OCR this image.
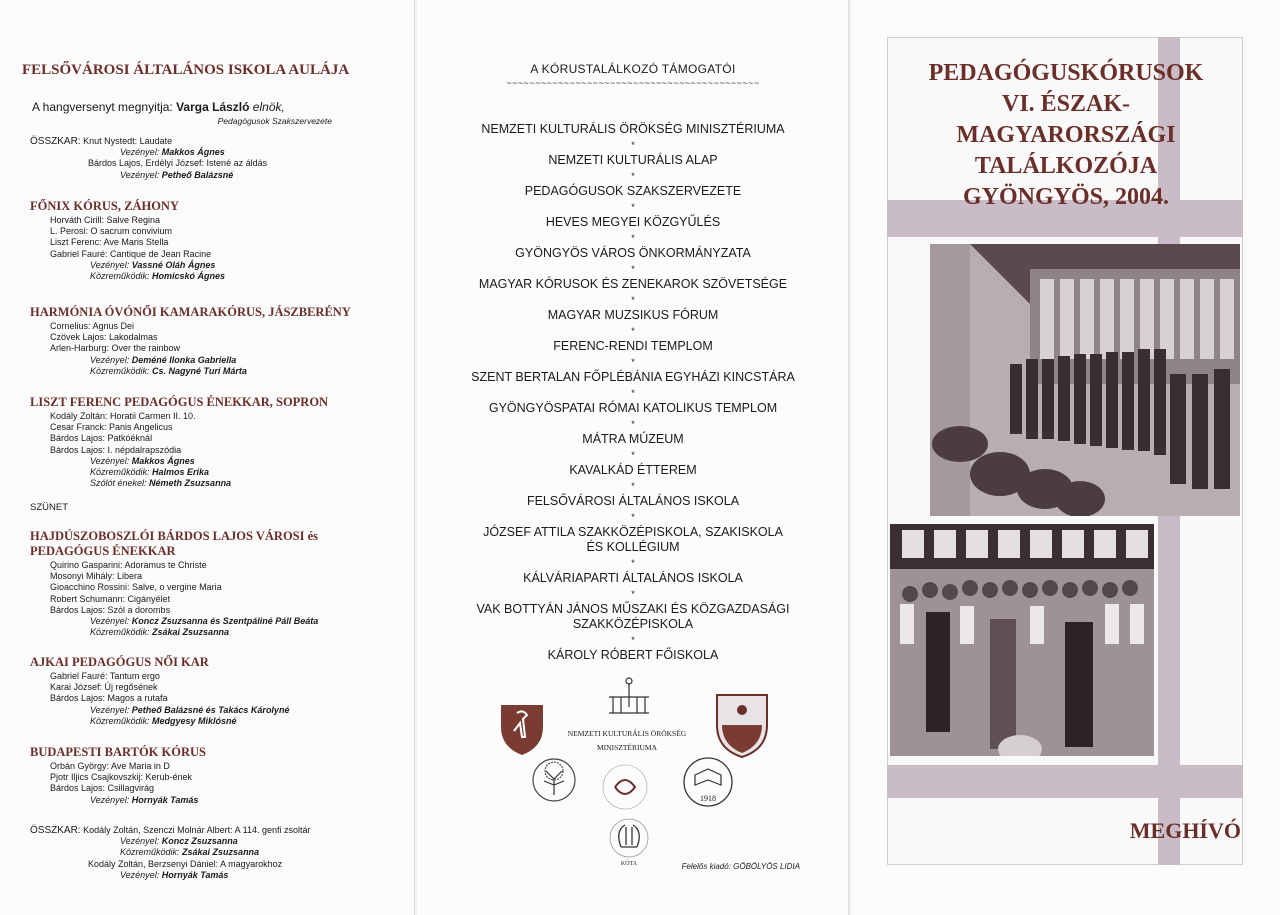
FELSŐVÁROSI ÁLTALÁNOS ISKOLA AULÁJA
A hangversenyt megnyitja: Varga László elnök,
Pedagógusok Szakszervezete
ÖSSZKAR: Knut Nystedt: Laudate
Vezényel: Makkos Ágnes
Bárdos Lajos, Erdélyi József: Istené az áldás
Vezényel: Petheő Balázsné
FŐNIX KÓRUS, ZÁHONY
Horváth Cirill: Salve Regina
L. Perosi: O sacrum convivium
Liszt Ferenc: Ave Maris Stella
Gabriel Fauré: Cantique de Jean Racine
Vezényel: Vassné Oláh Ágnes
Közreműködik: Homicskó Ágnes
HARMÓNIA ÓVÓNŐI KAMARAKÓRUS, JÁSZBERÉNY
Cornelius: Agnus Dei
Czövek Lajos: Lakodalmas
Arlen-Harburg: Over the rainbow
Vezényel: Deméné Ilonka Gabriella
Közreműködik: Cs. Nagyné Turi Márta
LISZT FERENC PEDAGÓGUS ÉNEKKAR, SOPRON
Kodály Zoltán: Horatii Carmen II. 10.
Cesar Franck: Panis Angelicus
Bárdos Lajos: Patkóéknál
Bárdos Lajos: I. népdalrapszódia
Vezényel: Makkos Ágnes
Közreműködik: Halmos Erika
Szólót énekel: Németh Zsuzsanna
SZÜNET
HAJDÚSZOBOSZLÓI BÁRDOS LAJOS VÁROSI és PEDAGÓGUS ÉNEKKAR
Quirino Gasparini: Adoramus te Christe
Mosonyi Mihály: Libera
Gioacchino Rossini: Salve, o vergine Maria
Robert Schumann: Cigányélet
Bárdos Lajos: Szól a dorombs
Vezényel: Koncz Zsuzsanna és Szentpáliné Páll Beáta
Közreműködik: Zsákai Zsuzsanna
AJKAI PEDAGÓGUS NŐI KAR
Gabriel Fauré: Tantum ergo
Karai József: Új regősének
Bárdos Lajos: Magos a rutafa
Vezényel: Petheő Balázsné és Takács Károlyné
Közreműködik: Medgyesy Miklósné
BUDAPESTI BARTÓK KÓRUS
Orbán György: Ave Maria in D
Pjotr Iljics Csajkovszkij: Kerub-ének
Bárdos Lajos: Csillagvirág
Vezényel: Hornyák Tamás
ÖSSZKAR: Kodály Zoltán, Szenczi Molnár Albert: A 114. genfi zsoltár
Vezényel: Koncz Zsuzsanna
Közreműködik: Zsákai Zsuzsanna
Kodály Zoltán, Berzsenyi Dániel: A magyarokhoz
Vezényel: Hornyák Tamás
A KÓRUSTALÁLKOZÓ TÁMOGATÓI
~~~~~~~~~~~~~~~~~~~~~~~~~~~~~~~~~~~~~~~~~~~~
NEMZETI KULTURÁLIS ÖRÖKSÉG MINISZTÉRIUMA
*
NEMZETI KULTURÁLIS ALAP
*
PEDAGÓGUSOK SZAKSZERVEZETE
*
HEVES MEGYEI KÖZGYŰLÉS
*
GYÖNGYÖS VÁROS ÖNKORMÁNYZATA
*
MAGYAR KÓRUSOK ÉS ZENEKAROK SZÖVETSÉGE
*
MAGYAR MUZSIKUS FÓRUM
*
FERENC-RENDI TEMPLOM
*
SZENT BERTALAN FŐPLÉBÁNIA EGYHÁZI KINCSTÁRA
*
GYÖNGYÖSPATAI RÓMAI KATOLIKUS TEMPLOM
*
MÁTRA MÚZEUM
*
KAVALKÁD ÉTTEREM
*
FELSŐVÁROSI ÁLTALÁNOS ISKOLA
*
JÓZSEF ATTILA SZAKKÖZÉPISKOLA, SZAKISKOLA ÉS KOLLÉGIUM
*
KÁLVÁRIAPARTI ÁLTALÁNOS ISKOLA
*
VAK BOTTYÁN JÁNOS MŰSZAKI ÉS KÖZGAZDASÁGI SZAKKÖZÉPISKOLA
*
KÁROLY RÓBERT FŐISKOLA
1918
KÓTA
NEMZETI KULTURÁLIS ÖRÖKSÉG
MINISZTÉRIUMA
Felelős kiadó: GÖBÖLYÖS LIDIA
PEDAGÓGUSKÓRUSOK
VI. ÉSZAK-MAGYARORSZÁGI
TALÁLKOZÓJA
GYÖNGYÖS, 2004.
MEGHÍVÓ
